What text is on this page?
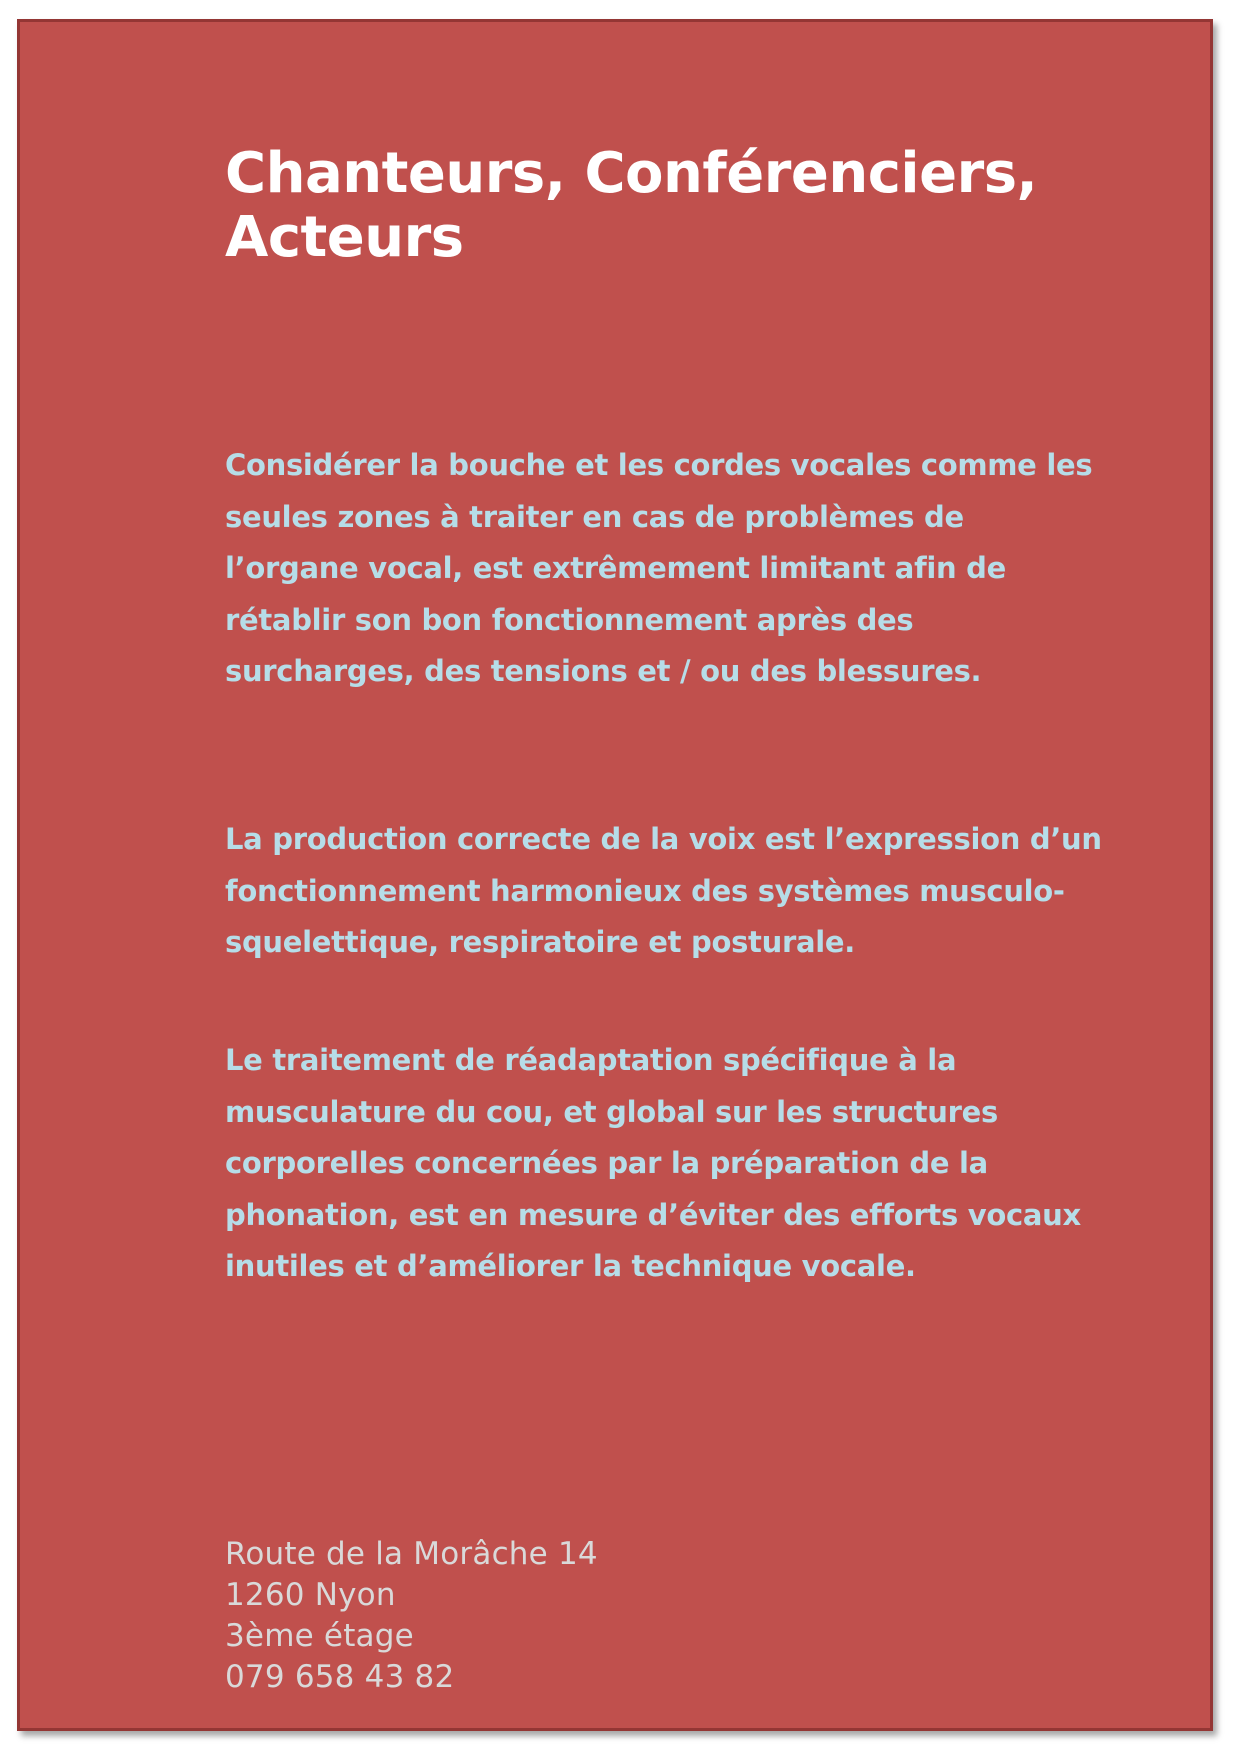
Chanteurs, Conférenciers,
Acteurs

Considérer la bouche et les cordes vocales comme les seules zones à traiter en cas de problèmes de l’organe vocal, est extrêmement limitant afin de rétablir son bon fonctionnement après des surcharges, des tensions et / ou des blessures.

La production correcte de la voix est l’expression d’un fonctionnement harmonieux des systèmes musculo-squelettique, respiratoire et posturale.

Le traitement de réadaptation spécifique à la musculature du cou, et global sur les structures corporelles concernées par la préparation de la phonation, est en mesure d’éviter des efforts vocaux inutiles et d’améliorer la technique vocale.

Route de la Morâche 14
1260 Nyon
3ème étage
079 658 43 82
